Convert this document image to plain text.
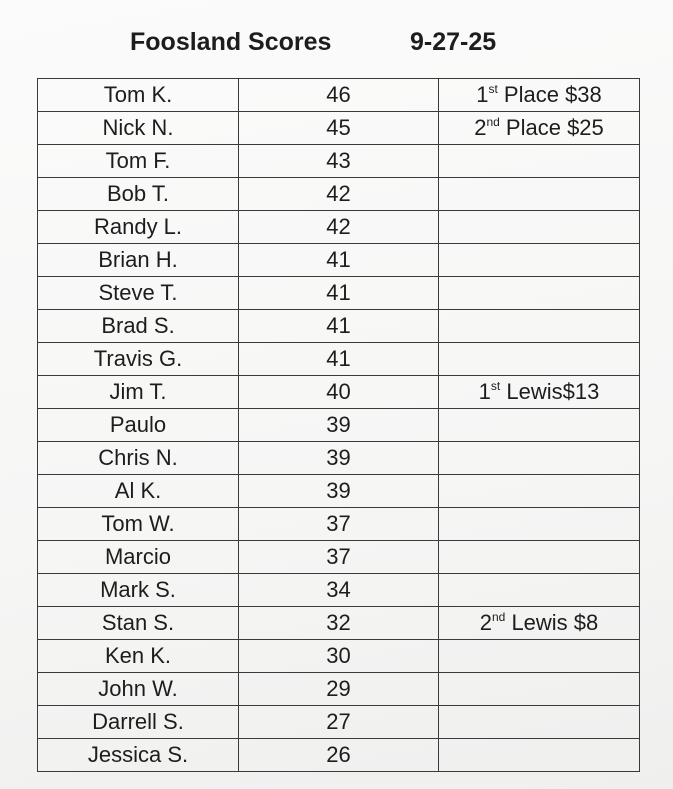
Foosland Scores	9-27-25
Tom K.	46	1st Place $38
Nick N.	45	2nd Place $25
Tom F.	43	
Bob T.	42	
Randy L.	42	
Brian H.	41	
Steve T.	41	
Brad S.	41	
Travis G.	41	
Jim T.	40	1st Lewis$13
Paulo	39	
Chris N.	39	
Al K.	39	
Tom W.	37	
Marcio	37	
Mark S.	34	
Stan S.	32	2nd Lewis $8
Ken K.	30	
John W.	29	
Darrell S.	27	
Jessica S.	26	
